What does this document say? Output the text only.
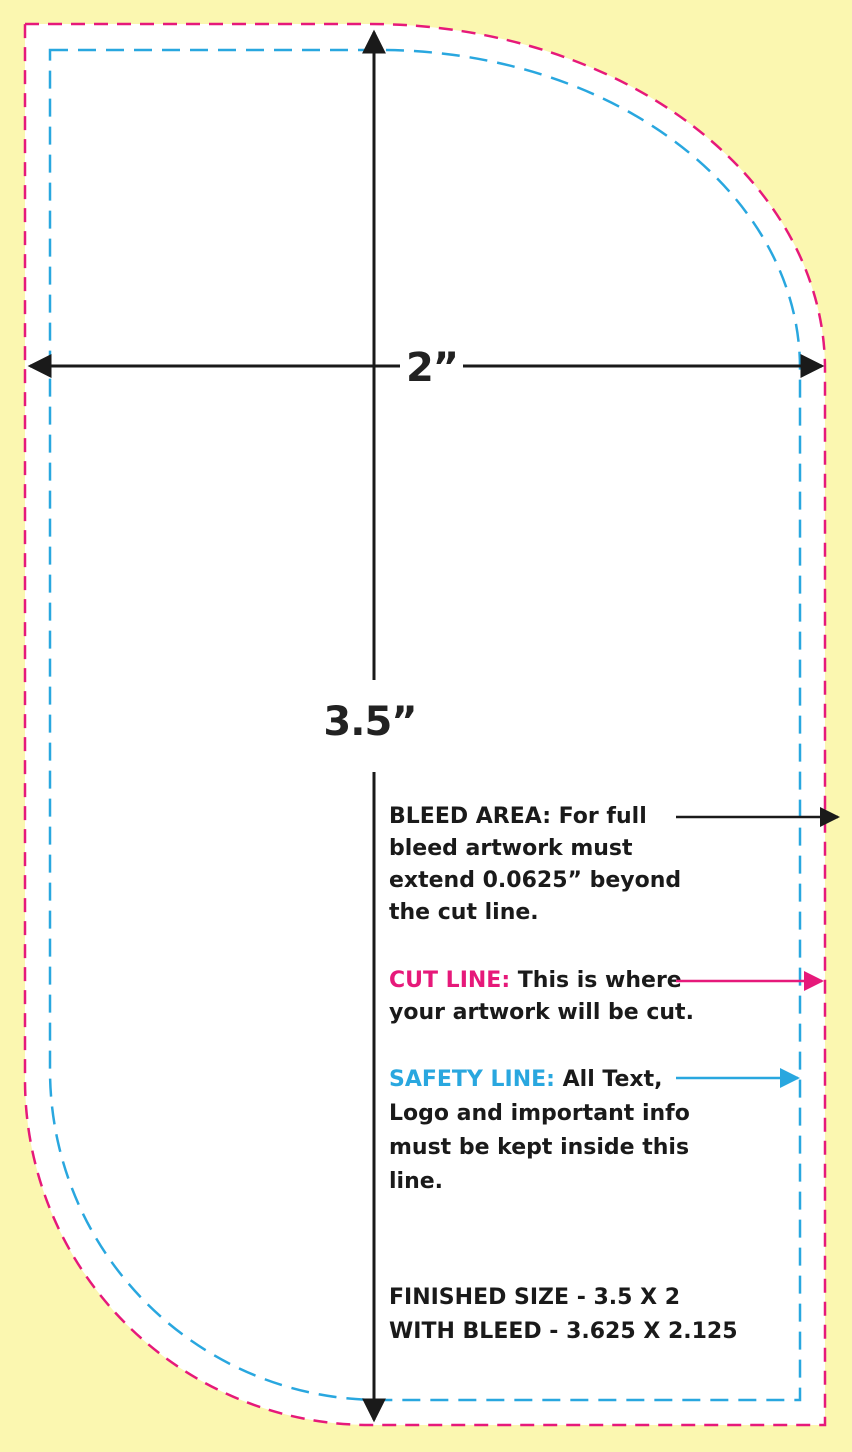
3.5”
2”
BLEED AREA: For full bleed artwork must extend 0.0625” beyond the cut line.
CUT LINE: This is where your artwork will be cut.
SAFETY LINE: All Text, Logo and important info must be kept inside this line.
FINISHED SIZE - 3.5 X 2
WITH BLEED - 3.625 X 2.125
